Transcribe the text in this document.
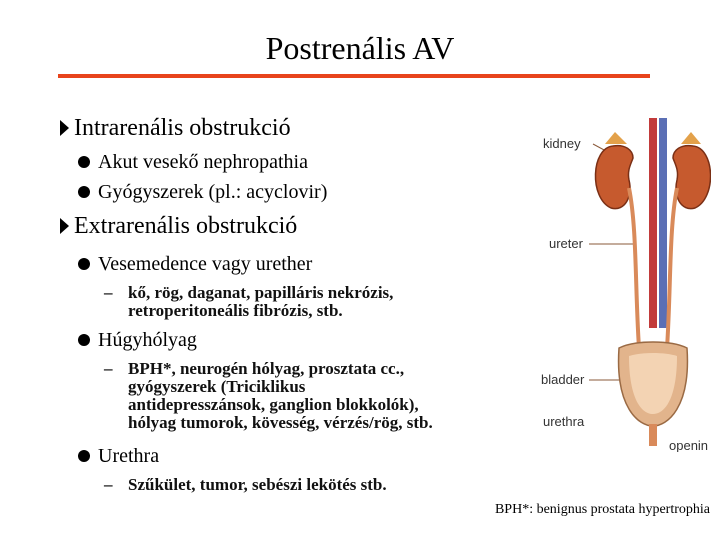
Postrenális AV
Intrarenális obstrukció
Akut vesekő nephropathia
Gyógyszerek (pl.: acyclovir)
Extrarenális obstrukció
Vesemedence vagy urether
– kő, rög, daganat, papilláris nekrózis,
retroperitoneális fibrózis, stb.
Húgyhólyag
– BPH*, neurogén hólyag, prosztata cc.,
gyógyszerek (Triciklikus
antidepresszánsok, ganglion blokkolók),
hólyag tumorok, kövesség, vérzés/rög, stb.
Urethra
– Szűkület, tumor, sebészi lekötés stb.
kidney
ureter
bladder
urethra
openin
BPH*: benignus prostata hypertrophia
